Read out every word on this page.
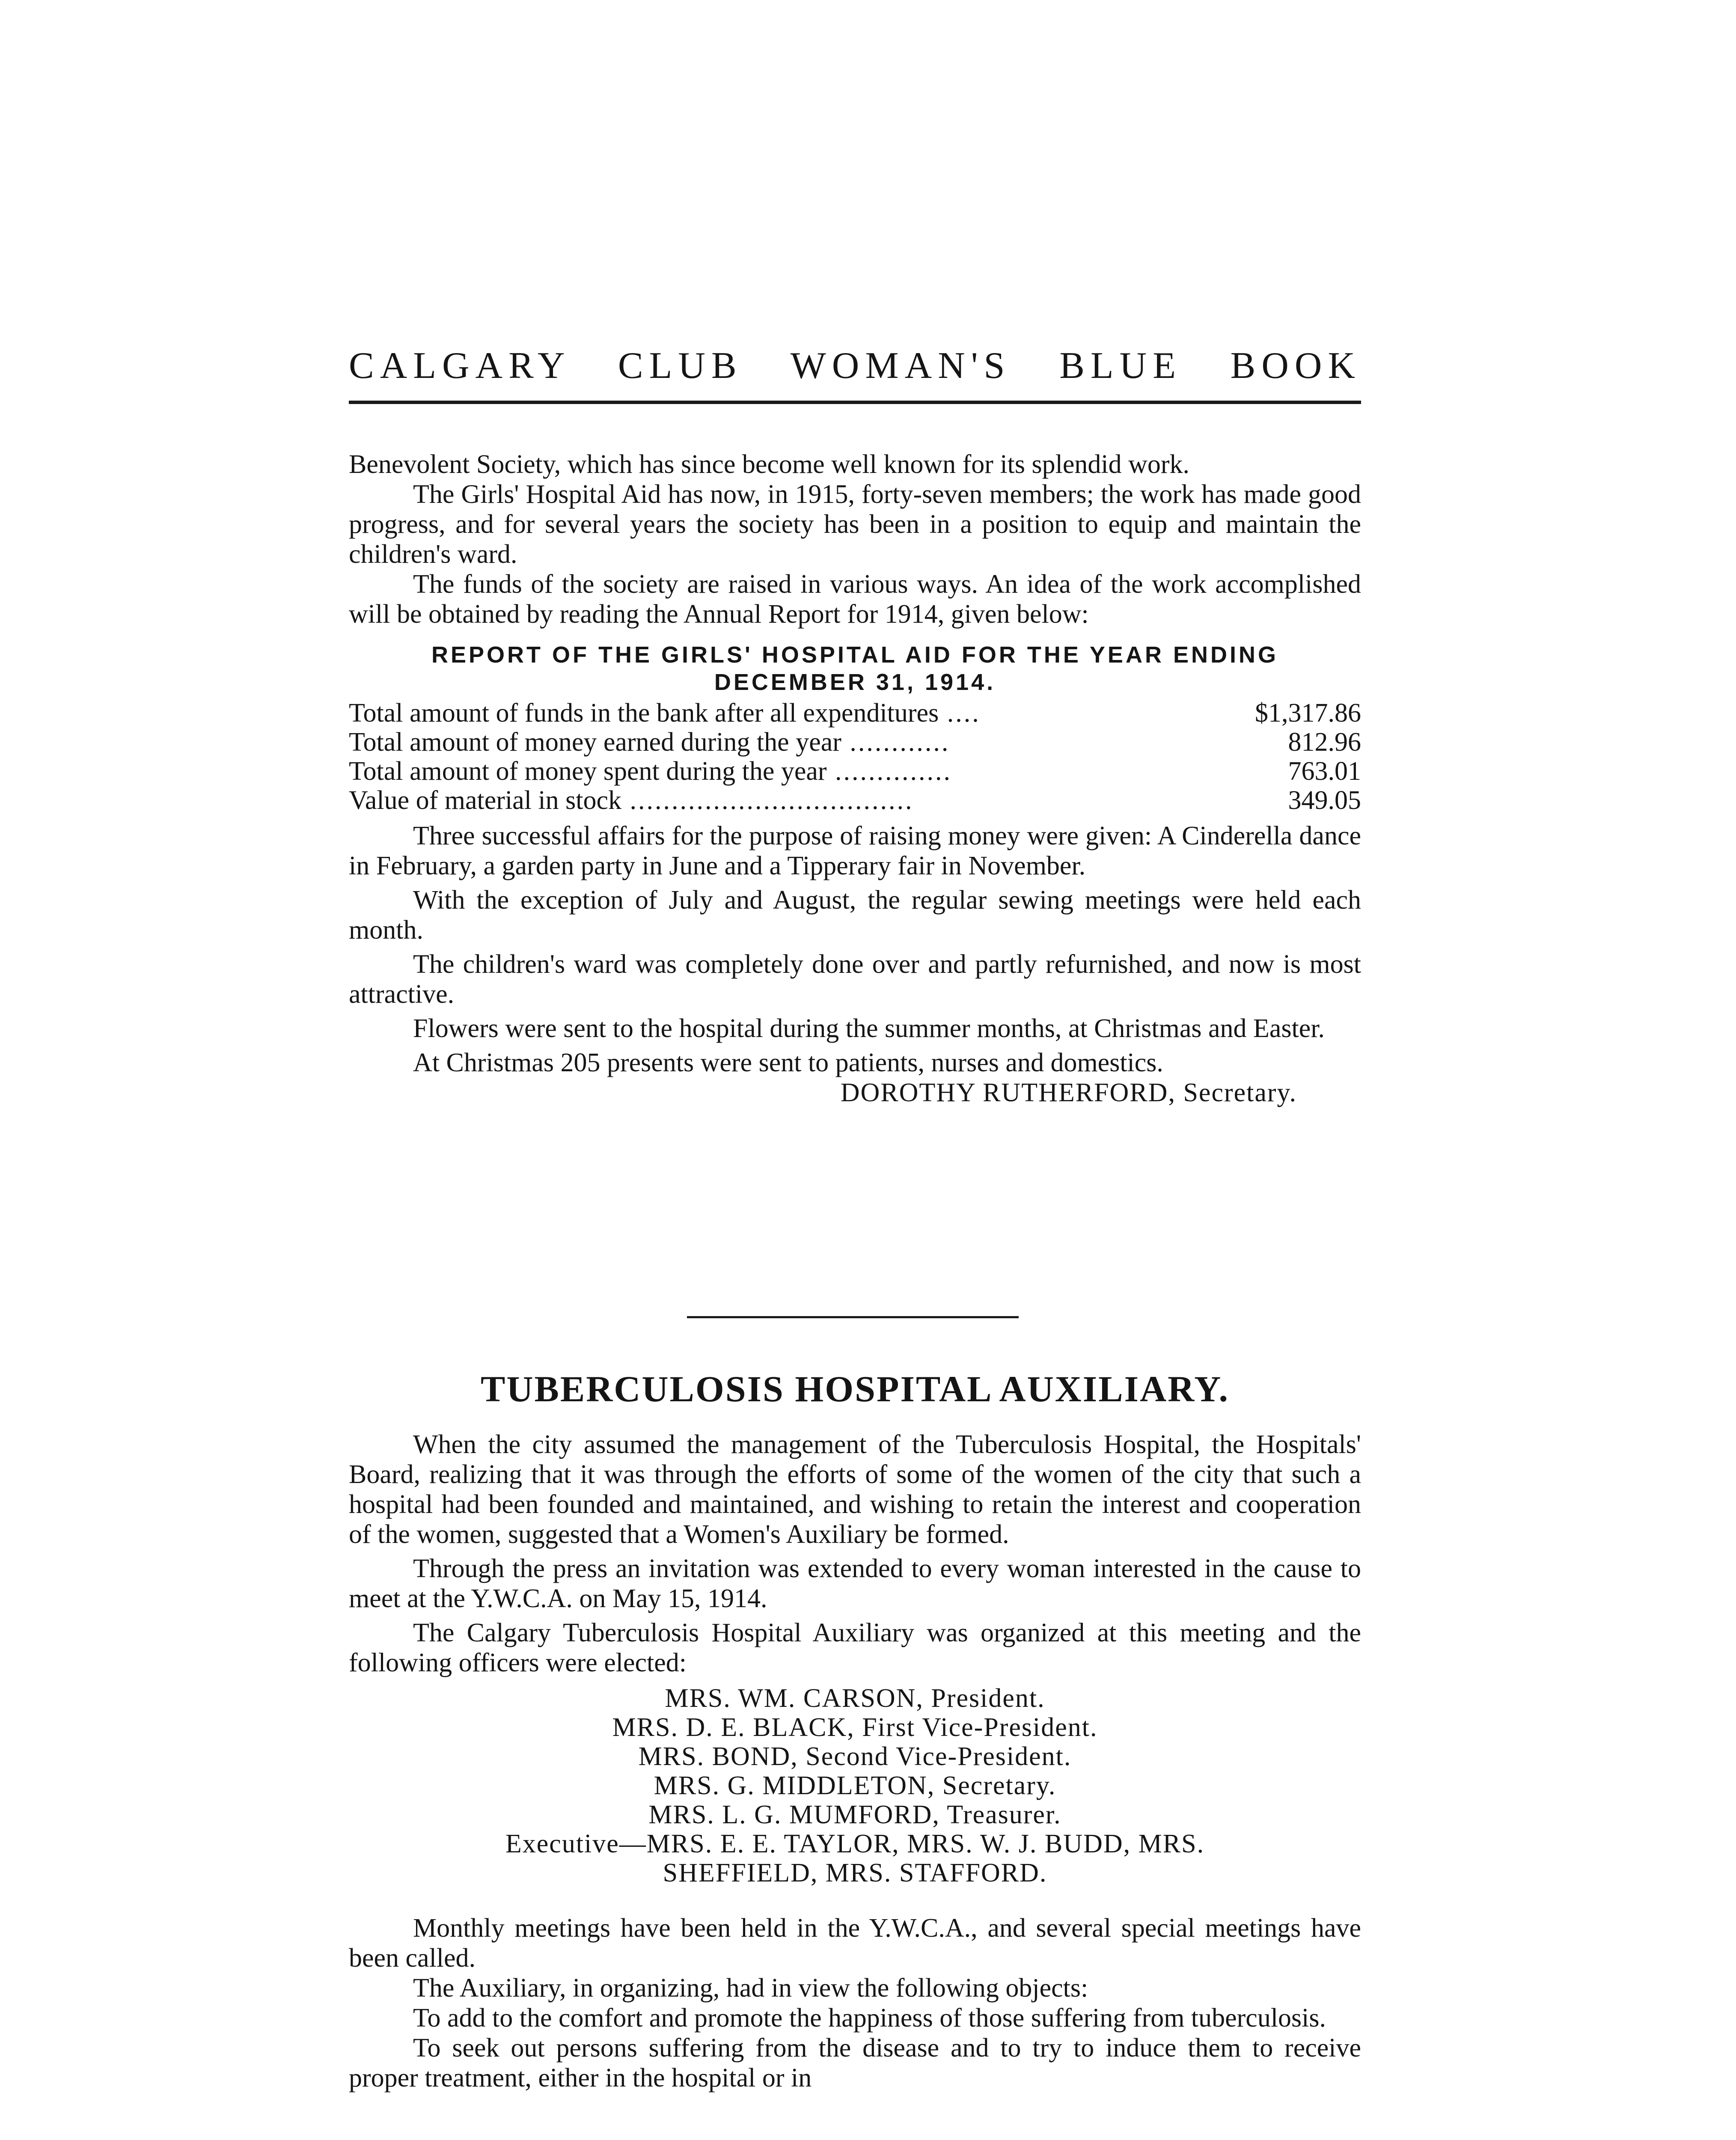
CALGARY CLUB WOMAN'S BLUE BOOK

Benevolent Society, which has since become well known for its splendid work.

The Girls' Hospital Aid has now, in 1915, forty-seven members; the work has made good progress, and for several years the society has been in a position to equip and maintain the children's ward.

The funds of the society are raised in various ways. An idea of the work accomplished will be obtained by reading the Annual Report for 1914, given below:

REPORT OF THE GIRLS' HOSPITAL AID FOR THE YEAR ENDING
DECEMBER 31, 1914.

Total amount of funds in the bank after all expenditures ....	$1,317.86
Total amount of money earned during the year ............	812.96
Total amount of money spent during the year ..............	763.01
Value of material in stock ..................................	349.05

Three successful affairs for the purpose of raising money were given: A Cinderella dance in February, a garden party in June and a Tipperary fair in November.

With the exception of July and August, the regular sewing meetings were held each month.

The children's ward was completely done over and partly refurnished, and now is most attractive.

Flowers were sent to the hospital during the summer months, at Christmas and Easter.

At Christmas 205 presents were sent to patients, nurses and domestics.

DOROTHY RUTHERFORD, Secretary.

TUBERCULOSIS HOSPITAL AUXILIARY.

When the city assumed the management of the Tuberculosis Hospital, the Hospitals' Board, realizing that it was through the efforts of some of the women of the city that such a hospital had been founded and maintained, and wishing to retain the interest and cooperation of the women, suggested that a Women's Auxiliary be formed.

Through the press an invitation was extended to every woman interested in the cause to meet at the Y.W.C.A. on May 15, 1914.

The Calgary Tuberculosis Hospital Auxiliary was organized at this meeting and the following officers were elected:

MRS. WM. CARSON, President.

MRS. D. E. BLACK, First Vice-President.

MRS. BOND, Second Vice-President.

MRS. G. MIDDLETON, Secretary.

MRS. L. G. MUMFORD, Treasurer.

Executive—MRS. E. E. TAYLOR, MRS. W. J. BUDD, MRS.

SHEFFIELD, MRS. STAFFORD.

Monthly meetings have been held in the Y.W.C.A., and several special meetings have been called.

The Auxiliary, in organizing, had in view the following objects:

To add to the comfort and promote the happiness of those suffering from tuberculosis.

To seek out persons suffering from the disease and to try to induce them to receive proper treatment, either in the hospital or in
